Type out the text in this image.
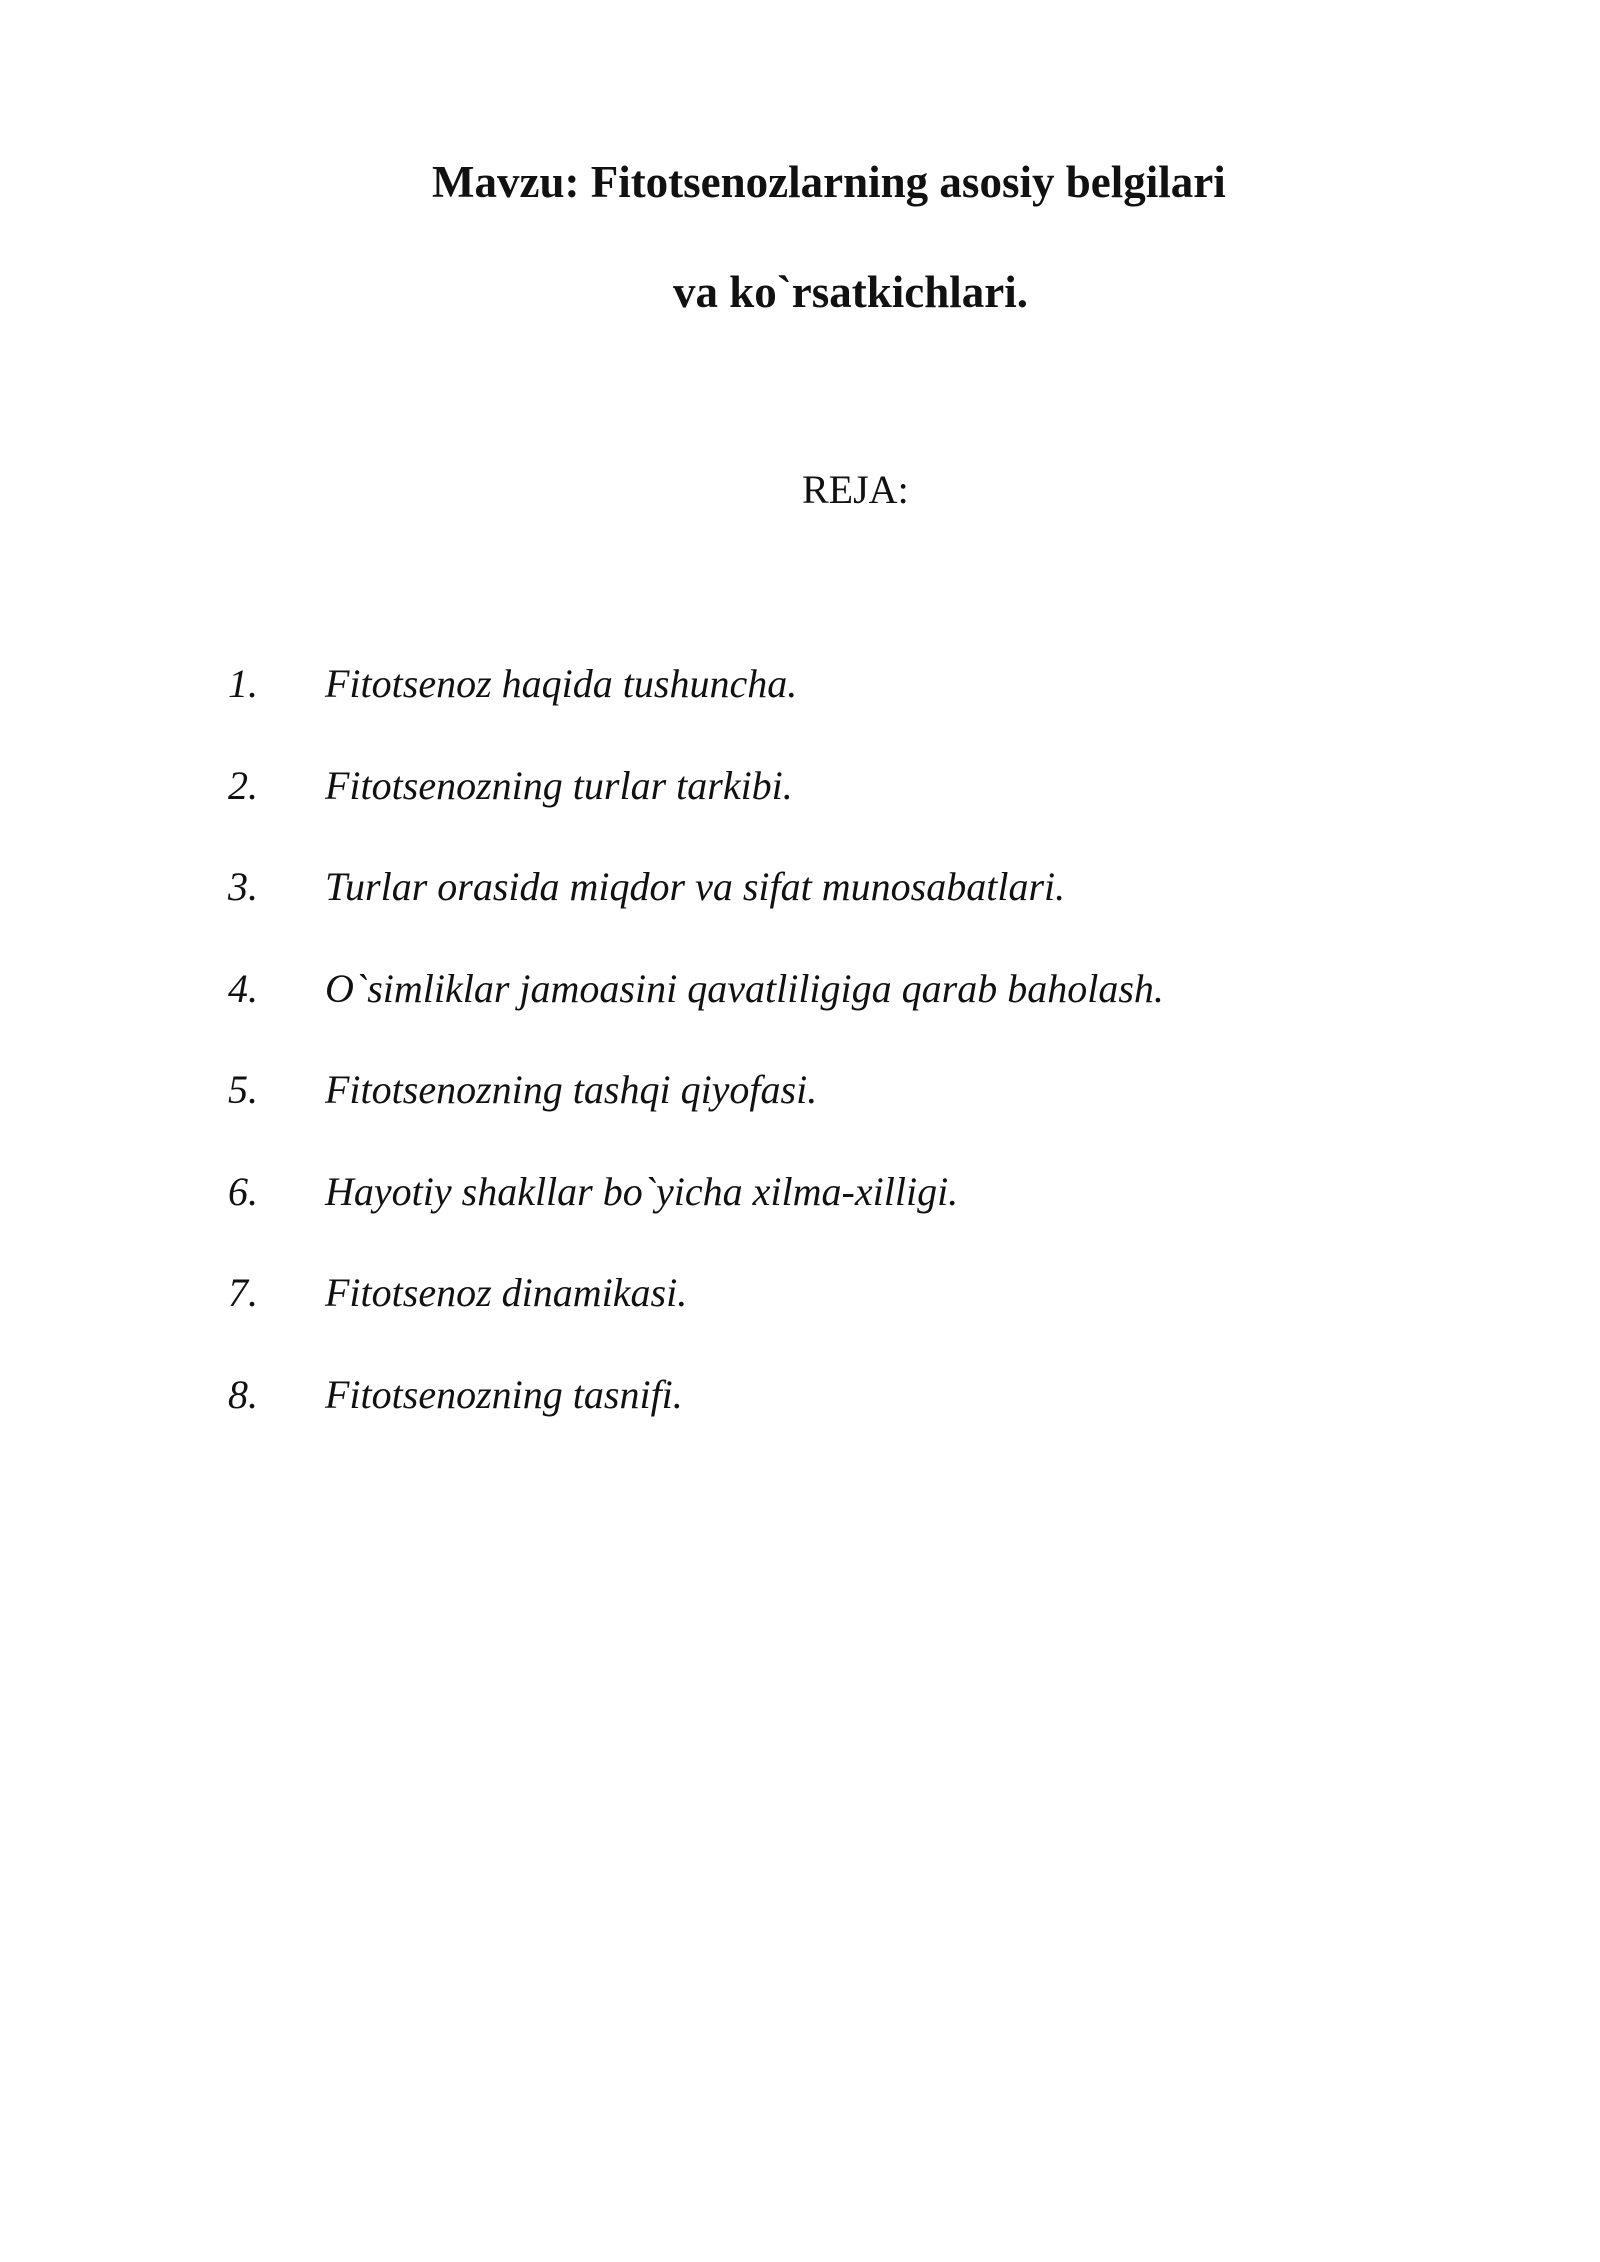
Mavzu: Fitotsenozlarning asosiy belgilari
va ko`rsatkichlari.
REJA:
1. Fitotsenoz haqida tushuncha.
2. Fitotsenozning turlar tarkibi.
3. Turlar orasida miqdor va sifat munosabatlari.
4. O`simliklar jamoasini qavatliligiga qarab baholash.
5. Fitotsenozning tashqi qiyofasi.
6. Hayotiy shakllar bo`yicha xilma-xilligi.
7. Fitotsenoz dinamikasi.
8. Fitotsenozning tasnifi.
